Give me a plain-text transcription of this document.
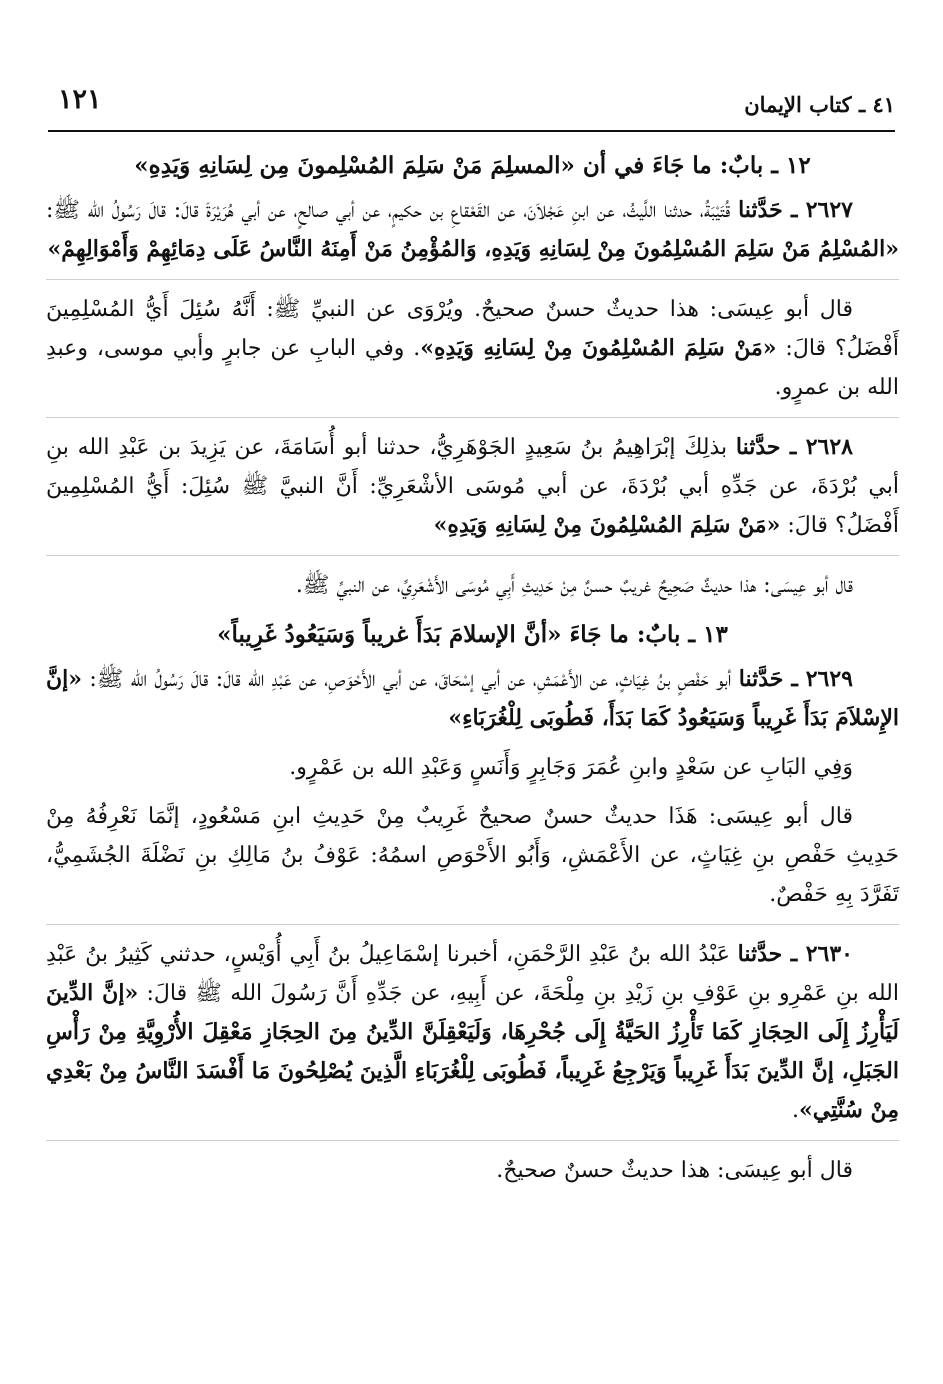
٤١ ـ كتاب الإيمان
١٢١
١٢ ـ بابٌ: ما جَاءَ في أن «المسلِمَ مَنْ سَلِمَ المُسْلِمونَ مِن لِسَانِهِ وَيَدِهِ»

٢٦٢٧ ـ حَدَّثنا قُتَيْبَةُ، حدثنا اللَّيثُ، عن ابنِ عَجْلاَنَ، عن القَعْقاعِ بن حكيمٍ، عن أبي صالحٍ، عن أبي هُرَيْرَةَ قالَ: قالَ رَسُولُ الله ﷺ: «المُسْلِمُ مَنْ سَلِمَ المُسْلِمُونَ مِنْ لِسَانِهِ وَيَدِهِ، وَالمُؤْمِنُ مَنْ أَمِنَهُ النَّاسُ عَلَى دِمَائِهِمْ وَأَمْوَالِهِمْ»

قال أبو عِيسَى: هذا حديثٌ حسنٌ صحيحٌ. ويُرْوَى عن النبيِّ ﷺ: أَنَّهُ سُئِلَ أَيُّ المُسْلِمِينَ أَفْضَلُ؟ قالَ: «مَنْ سَلِمَ المُسْلِمُونَ مِنْ لِسَانِهِ وَيَدِهِ». وفي البابِ عن جابرٍ وأبي موسى، وعبدِ الله بن عمرٍو.

٢٦٢٨ ـ حدَّثنا بذلِكَ إبْرَاهِيمُ بنُ سَعِيدٍ الجَوْهَرِيُّ، حدثنا أبو أُسَامَةَ، عن يَزِيدَ بن عَبْدِ الله بنِ أبي بُرْدَةَ، عن جَدِّهِ أبي بُرْدَةَ، عن أبي مُوسَى الأشْعَرِيِّ: أَنَّ النبيَّ ﷺ سُئِلَ: أَيُّ المُسْلِمِينَ أَفْضَلُ؟ قالَ: «مَنْ سَلِمَ المُسْلِمُونَ مِنْ لِسَانِهِ وَيَدِهِ»

قال أبو عِيسَى: هذا حديثٌ صَحِيحٌ غريبٌ حسنٌ مِنْ حَدِيثِ أَبِي مُوسَى الأَشْعَرِيِّ، عن النبيِّ ﷺ.

١٣ ـ بابٌ: ما جَاءَ «أنَّ الإسلامَ بَدَأَ غريباً وَسَيَعُودُ غَرِيباً»

٢٦٢٩ ـ حَدَّثنا أبو حَفْصٍ بنُ غِيَاثٍ، عن الأَعْمَشِ، عن أبي إسْحَاقَ، عن أبي الأَحْوَصِ، عن عَبْدِ الله قالَ: قالَ رَسُولُ الله ﷺ: «إنَّ الإِسْلاَمَ بَدَأَ غَرِيباً وَسَيَعُودُ كَمَا بَدَأَ، فَطُوبَى لِلْغُرَبَاءِ»

وَفِي البَابِ عن سَعْدٍ وابنِ عُمَرَ وَجَابِرٍ وَأَنَسٍ وَعَبْدِ الله بن عَمْرٍو.

قال أبو عِيسَى: هَذَا حديثٌ حسنٌ صحيحٌ غَرِيبٌ مِنْ حَدِيثِ ابنِ مَسْعُودٍ، إنَّمَا نَعْرِفُهُ مِنْ حَدِيثِ حَفْصِ بنِ غِيَاثٍ، عن الأَعْمَشِ، وَأَبُو الأَحْوَصِ اسمُهُ: عَوْفُ بنُ مَالِكِ بنِ نَضْلَةَ الجُشَمِيُّ، تَفَرَّدَ بِهِ حَفْصٌ.

٢٦٣٠ ـ حدَّثنا عَبْدُ الله بنُ عَبْدِ الرَّحْمَنِ، أخبرنا إسْمَاعِيلُ بنُ أَبِي أُوَيْسٍ، حدثني كَثِيرُ بنُ عَبْدِ الله بنِ عَمْرِو بنِ عَوْفِ بنِ زَيْدِ بنِ مِلْحَةَ، عن أَبِيهِ، عن جَدِّهِ أَنَّ رَسُولَ الله ﷺ قالَ: «إنَّ الدِّينَ لَيَأْرِزُ إِلَى الحِجَازِ كَمَا تَأْرِزُ الحَيَّةُ إِلَى جُحْرِهَا، وَلَيَعْقِلَنَّ الدِّينُ مِنَ الحِجَازِ مَعْقِلَ الأُرْوِيَّةِ مِنْ رَأْسِ الجَبَلِ، إنَّ الدِّينَ بَدَأَ غَرِيباً وَيَرْجِعُ غَرِيباً، فَطُوبَى لِلْغُرَبَاءِ الَّذِينَ يُصْلِحُونَ مَا أَفْسَدَ النَّاسُ مِنْ بَعْدِي مِنْ سُنَّتِي».

قال أبو عِيسَى: هذا حديثٌ حسنٌ صحيحٌ.
